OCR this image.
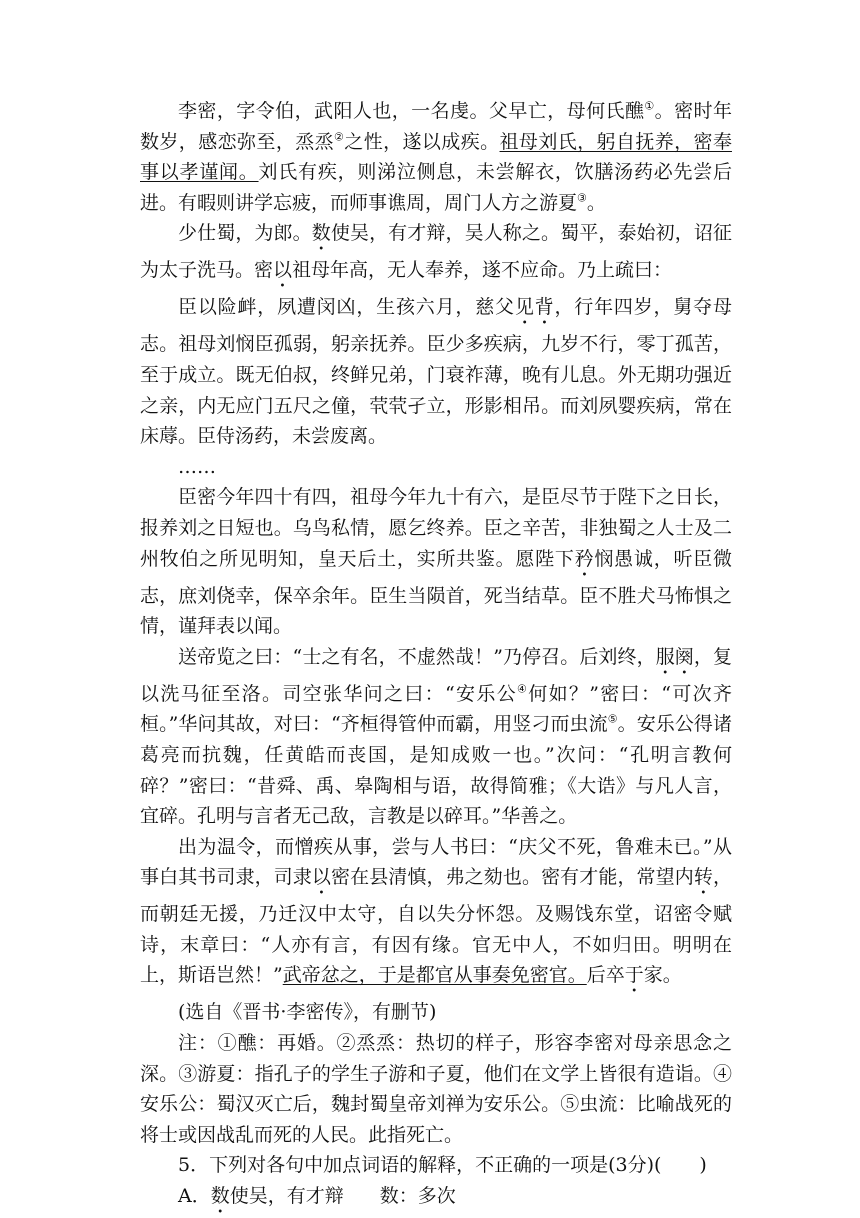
李密，字令伯，武阳人也，一名虔。父早亡，母何氏醮①。密时年数岁，感恋弥至，烝烝②之性，遂以成疾。祖母刘氏，躬自抚养，密奉事以孝谨闻。刘氏有疾，则涕泣侧息，未尝解衣，饮膳汤药必先尝后进。有暇则讲学忘疲，而师事谯周，周门人方之游夏③。

少仕蜀，为郎。数使吴，有才辩，吴人称之。蜀平，泰始初，诏征为太子洗马。密以祖母年高，无人奉养，遂不应命。乃上疏曰：

臣以险衅，夙遭闵凶，生孩六月，慈父见背，行年四岁，舅夺母志。祖母刘悯臣孤弱，躬亲抚养。臣少多疾病，九岁不行，零丁孤苦，至于成立。既无伯叔，终鲜兄弟，门衰祚薄，晚有儿息。外无期功强近之亲，内无应门五尺之僮，茕茕孑立，形影相吊。而刘夙婴疾病，常在床蓐。臣侍汤药，未尝废离。

……

臣密今年四十有四，祖母今年九十有六，是臣尽节于陛下之日长，报养刘之日短也。乌鸟私情，愿乞终养。臣之辛苦，非独蜀之人士及二州牧伯之所见明知，皇天后土，实所共鉴。愿陛下矜悯愚诚，听臣微志，庶刘侥幸，保卒余年。臣生当陨首，死当结草。臣不胜犬马怖惧之情，谨拜表以闻。

送帝览之曰：“士之有名，不虚然哉！”乃停召。后刘终，服阕，复以洗马征至洛。司空张华问之曰：“安乐公④何如？”密曰：“可次齐桓。”华问其故，对曰：“齐桓得管仲而霸，用竖刁而虫流⑤。安乐公得诸葛亮而抗魏，任黄皓而丧国，是知成败一也。”次问：“孔明言教何碎？”密曰：“昔舜、禹、皋陶相与语，故得简雅；《大诰》与凡人言，宜碎。孔明与言者无己敌，言教是以碎耳。”华善之。

出为温令，而憎疾从事，尝与人书曰：“庆父不死，鲁难未已。”从事白其书司隶，司隶以密在县清慎，弗之劾也。密有才能，常望内转，而朝廷无援，乃迁汉中太守，自以失分怀怨。及赐饯东堂，诏密令赋诗，末章曰：“人亦有言，有因有缘。官无中人，不如归田。明明在上，斯语岂然！”武帝忿之，于是都官从事奏免密官。后卒于家。

(选自《晋书·李密传》，有删节)

注：①醮：再婚。②烝烝：热切的样子，形容李密对母亲思念之深。③游夏：指孔子的学生子游和子夏，他们在文学上皆很有造诣。④安乐公：蜀汉灭亡后，魏封蜀皇帝刘禅为安乐公。⑤虫流：比喻战死的将士或因战乱而死的人民。此指死亡。

5．下列对各句中加点词语的解释，不正确的一项是(3分)(　　)

A．数使吴，有才辩 数：多次
